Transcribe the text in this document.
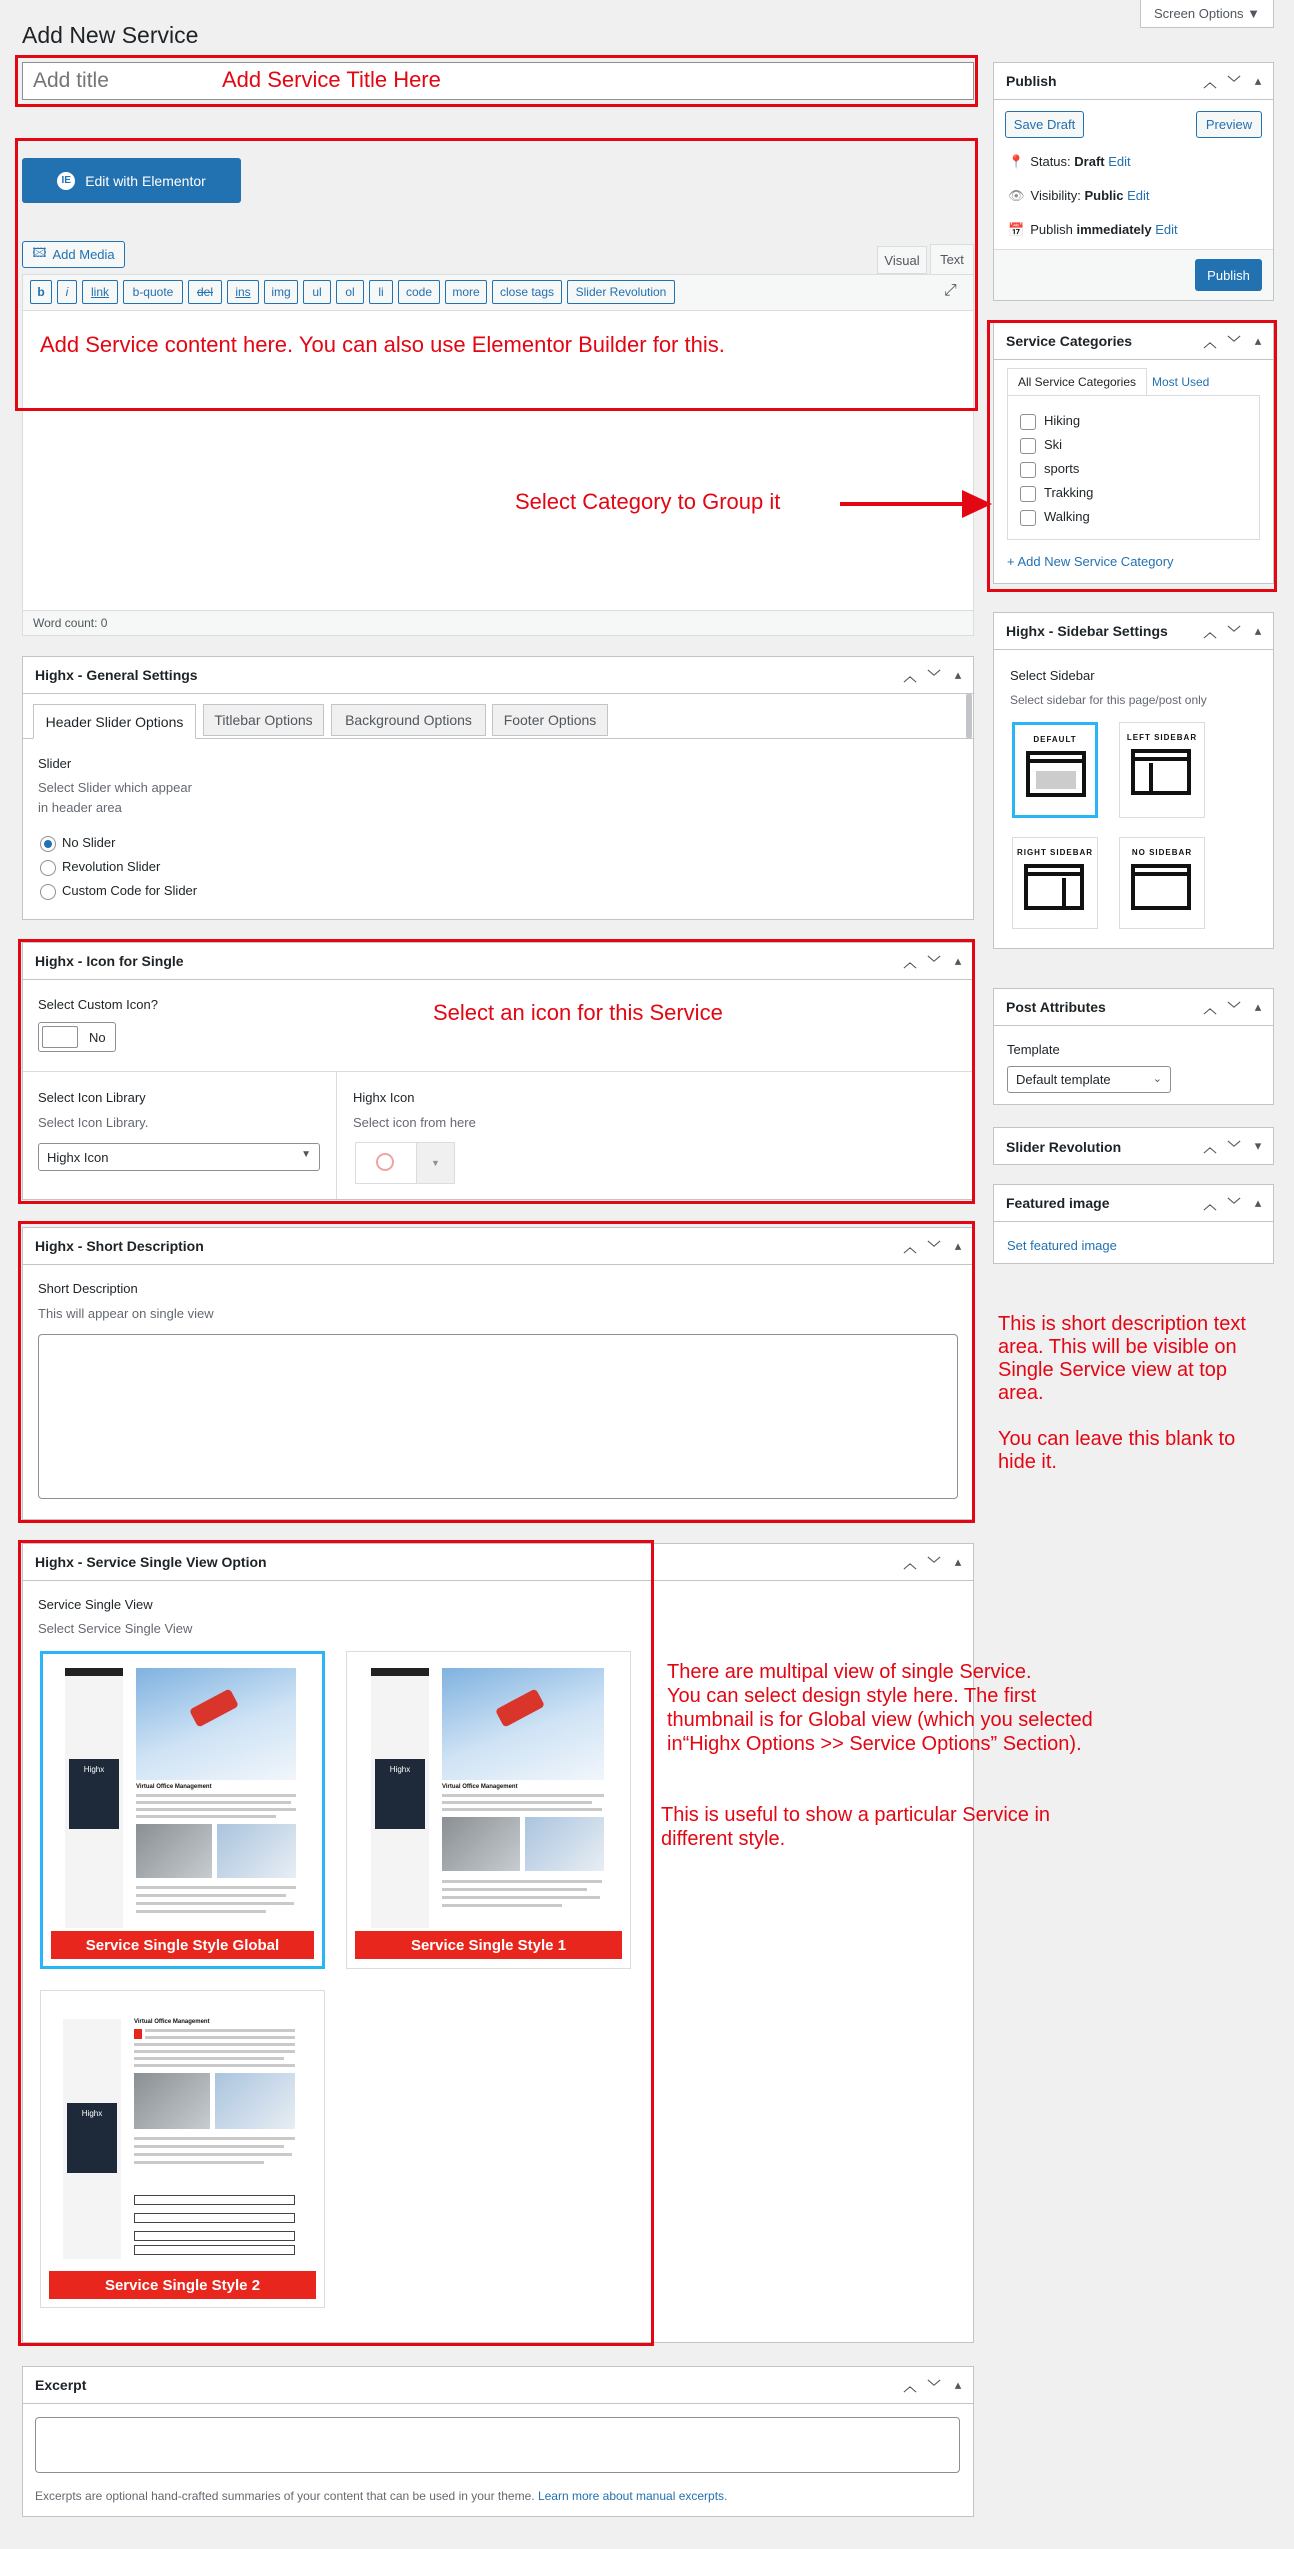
Add New Service
Screen Options ▼
Add title
IE	Edit with Elementor
🖾 Add Media	Visual	Text
b	i	link	b-quote	del	ins	img	ul	ol	li	code	more	close tags	Slider Revolution	⤢
Word count: 0
Highx - General Settings	︿ ﹀ ▴
Header Slider Options	Titlebar Options	Background Options	Footer Options
Slider
Select Slider which appear
in header area
No Slider
Revolution Slider
Custom Code for Slider
Highx - Icon for Single	︿ ﹀ ▴
Select Custom Icon?
No
Select Icon Library
Select Icon Library.
Highx Icon	▼
Highx Icon
Select icon from here
▼
Highx - Short Description	︿ ﹀ ▴
Short Description
This will appear on single view
Highx - Service Single View Option	︿ ﹀ ▴
Service Single View
Select Service Single View
Highx
Virtual Office Management
Service Single Style Global
Highx
Virtual Office Management
Service Single Style 1
Highx
Virtual Office Management
Service Single Style 2
Excerpt	︿ ﹀ ▴
Excerpts are optional hand-crafted summaries of your content that can be used in your theme. Learn more about manual excerpts.
Publish	︿ ﹀ ▴
Save Draft	Preview
📍 Status: Draft Edit
👁 Visibility: Public Edit
📅 Publish immediately Edit
Publish
Service Categories	︿ ﹀ ▴
All Service Categories	Most Used
Hiking
Ski
sports
Trakking
Walking
+ Add New Service Category
Highx - Sidebar Settings	︿ ﹀ ▴
Select Sidebar
Select sidebar for this page/post only
DEFAULT	LEFT SIDEBAR
RIGHT SIDEBAR	NO SIDEBAR
Post Attributes	︿ ﹀ ▴
Template
Default template	⌄
Slider Revolution	︿ ﹀ ▾
Featured image	︿ ﹀ ▴
Set featured image
Add Service Title Here
Add Service content here. You can also use Elementor Builder for this.
Select Category to Group it
Select an icon for this Service
This is short description text
area. This will be visible on
Single Service view at top
area.
You can leave this blank to
hide it.
There are multipal view of single Service.
You can select design style here. The first
thumbnail is for Global view (which you selected
in“Highx Options >> Service Options” Section).
This is useful to show a particular Service in
different style.
